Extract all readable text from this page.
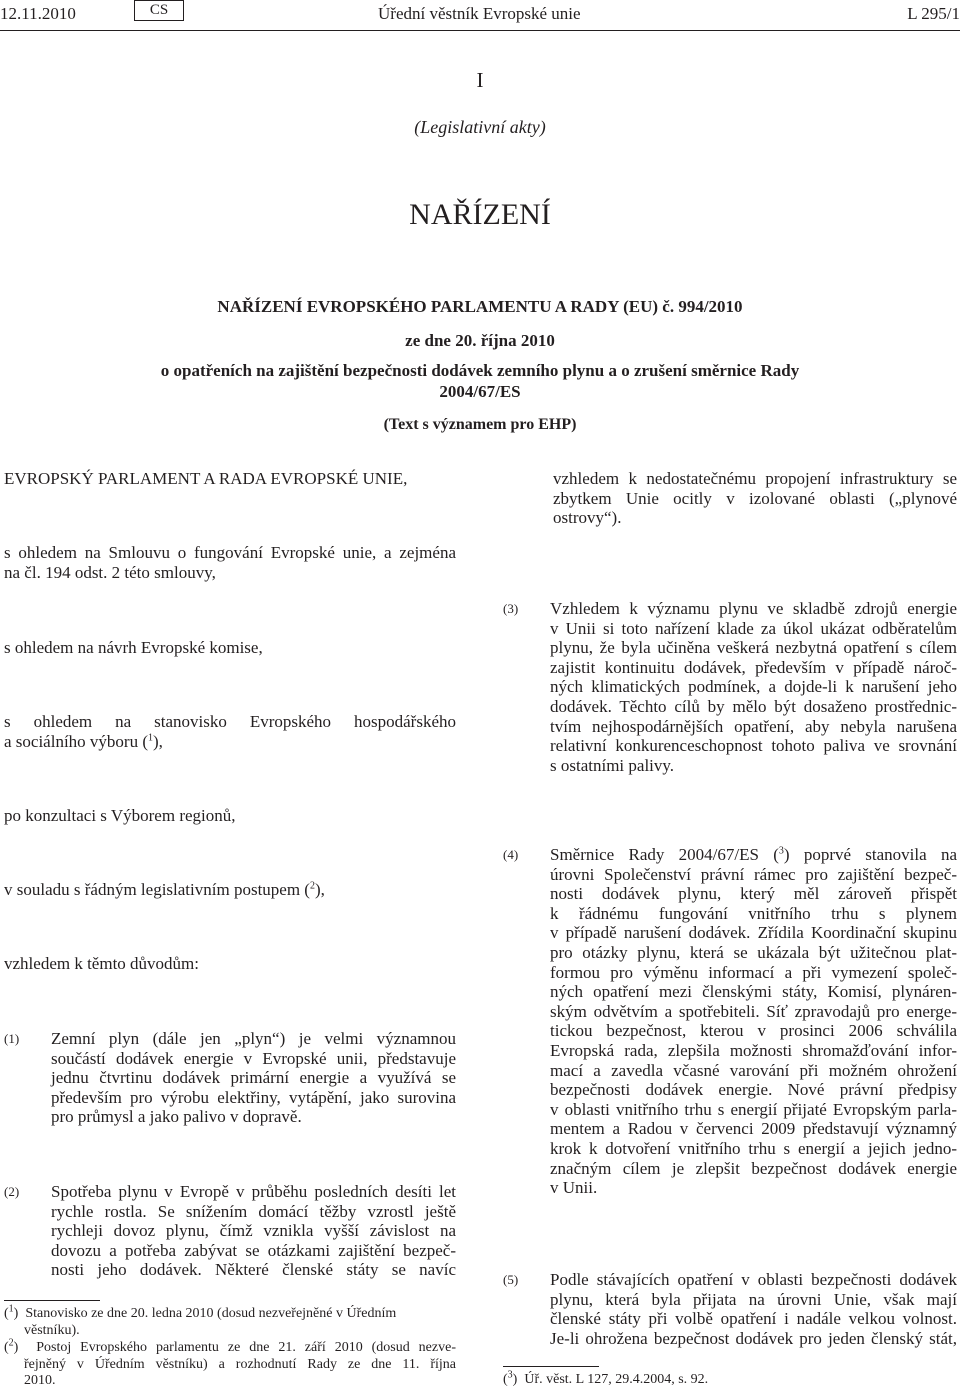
12.11.2010	CS	Úřední věstník Evropské unie	L 295/1
I
(Legislativní akty)
NAŘÍZENÍ
NAŘÍZENÍ EVROPSKÉHO PARLAMENTU A RADY (EU) č. 994/2010
ze dne 20. října 2010
o opatřeních na zajištění bezpečnosti dodávek zemního plynu a o zrušení směrnice Rady
2004/67/ES
(Text s významem pro EHP)
EVROPSKÝ PARLAMENT A RADA EVROPSKÉ UNIE,
s ohledem na Smlouvu o fungování Evropské unie, a zejména
na čl. 194 odst. 2 této smlouvy,
s ohledem na návrh Evropské komise,
s ohledem na stanovisko Evropského hospodářského
a sociálního výboru ($^1$),
po konzultaci s Výborem regionů,
v souladu s řádným legislativním postupem ($^2$),
vzhledem k těmto důvodům:
(1) Zemní plyn (dále jen „plyn“) je velmi významnou
součástí dodávek energie v Evropské unii, představuje
jednu čtvrtinu dodávek primární energie a využívá se
především pro výrobu elektřiny, vytápění, jako surovina
pro průmysl a jako palivo v dopravě.
(2) Spotřeba plynu v Evropě v průběhu posledních desíti let
rychle rostla. Se snížením domácí těžby vzrostl ještě
rychleji dovoz plynu, čímž vznikla vyšší závislost na
dovozu a potřeba zabývat se otázkami zajištění bezpeč-
nosti jeho dodávek. Některé členské státy se navíc
($^1$)  Stanovisko ze dne 20. ledna 2010 (dosud nezveřejněné v Úředním
věstníku).
($^2$)  Postoj Evropského parlamentu ze dne 21. září 2010 (dosud nezve-
řejněný v Úředním věstníku) a rozhodnutí Rady ze dne 11. října
2010.
vzhledem k nedostatečnému propojení infrastruktury se
zbytkem Unie ocitly v izolované oblasti („plynové
ostrovy“).
(3) Vzhledem k významu plynu ve skladbě zdrojů energie
v Unii si toto nařízení klade za úkol ukázat odběratelům
plynu, že byla učiněna veškerá nezbytná opatření s cílem
zajistit kontinuitu dodávek, především v případě nároč-
ných klimatických podmínek, a dojde-li k narušení jeho
dodávek. Těchto cílů by mělo být dosaženo prostřednic-
tvím nejhospodárnějších opatření, aby nebyla narušena
relativní konkurenceschopnost tohoto paliva ve srovnání
s ostatními palivy.
(4) Směrnice Rady 2004/67/ES ($^3$) poprvé stanovila na
úrovni Společenství právní rámec pro zajištění bezpeč-
nosti dodávek plynu, který měl zároveň přispět
k řádnému fungování vnitřního trhu s plynem
v případě narušení dodávek. Zřídila Koordinační skupinu
pro otázky plynu, která se ukázala být užitečnou plat-
formou pro výměnu informací a při vymezení společ-
ných opatření mezi členskými státy, Komisí, plynáren-
ským odvětvím a spotřebiteli. Síť zpravodajů pro energe-
tickou bezpečnost, kterou v prosinci 2006 schválila
Evropská rada, zlepšila možnosti shromažďování infor-
mací a zavedla včasné varování při možném ohrožení
bezpečnosti dodávek energie. Nové právní předpisy
v oblasti vnitřního trhu s energií přijaté Evropským parla-
mentem a Radou v červenci 2009 představují významný
krok k dotvoření vnitřního trhu s energií a jejich jedno-
značným cílem je zlepšit bezpečnost dodávek energie
v Unii.
(5) Podle stávajících opatření v oblasti bezpečnosti dodávek
plynu, která byla přijata na úrovni Unie, však mají
členské státy při volbě opatření i nadále velkou volnost.
Je-li ohrožena bezpečnost dodávek pro jeden členský stát,
($^3$)  Úř. věst. L 127, 29.4.2004, s. 92.
